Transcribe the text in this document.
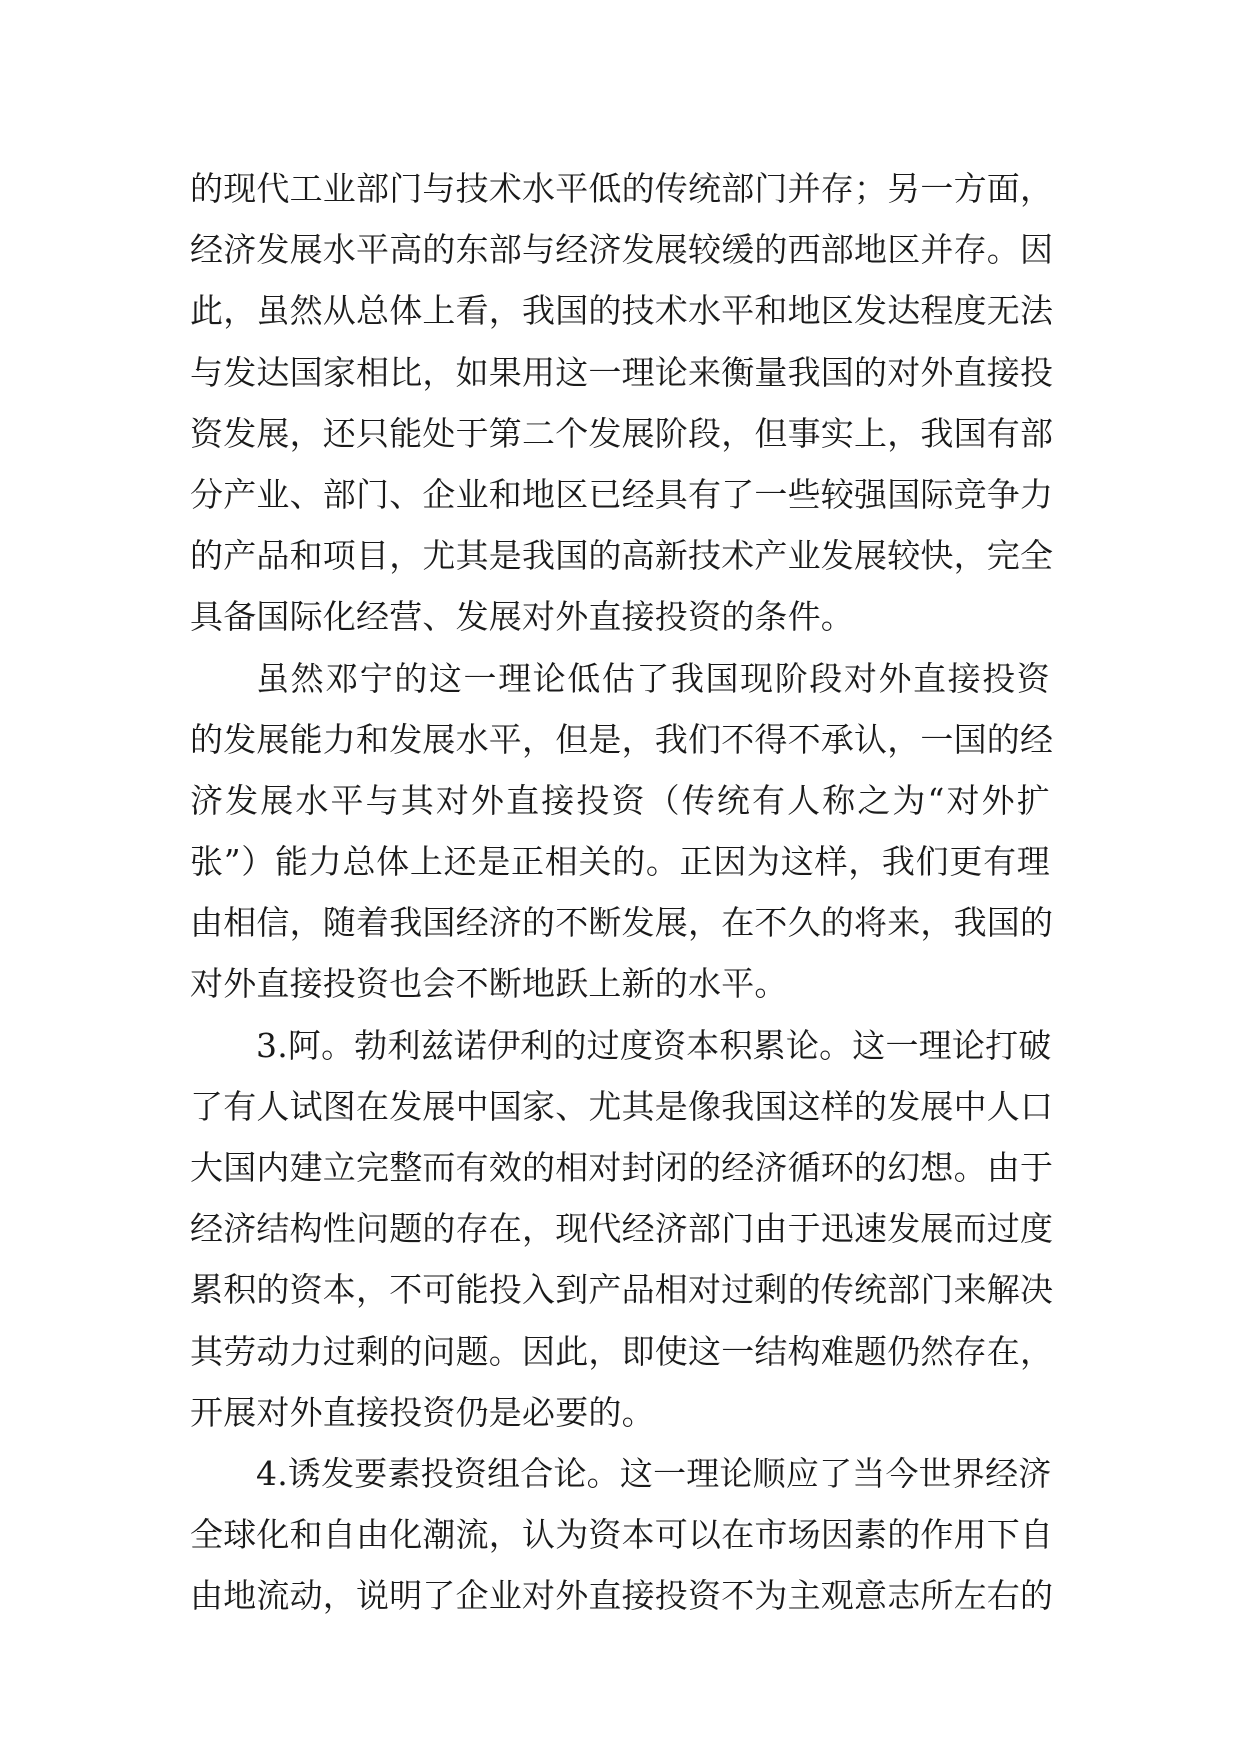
的现代工业部门与技术水平低的传统部门并存；另一方面，
经济发展水平高的东部与经济发展较缓的西部地区并存。因
此，虽然从总体上看，我国的技术水平和地区发达程度无法
与发达国家相比，如果用这一理论来衡量我国的对外直接投
资发展，还只能处于第二个发展阶段，但事实上，我国有部
分产业、部门、企业和地区已经具有了一些较强国际竞争力
的产品和项目，尤其是我国的高新技术产业发展较快，完全
具备国际化经营、发展对外直接投资的条件。
虽然邓宁的这一理论低估了我国现阶段对外直接投资
的发展能力和发展水平，但是，我们不得不承认，一国的经
济发展水平与其对外直接投资（传统有人称之为“对外扩
张”）能力总体上还是正相关的。正因为这样，我们更有理
由相信，随着我国经济的不断发展，在不久的将来，我国的
对外直接投资也会不断地跃上新的水平。
3.阿。勃利兹诺伊利的过度资本积累论。这一理论打破
了有人试图在发展中国家、尤其是像我国这样的发展中人口
大国内建立完整而有效的相对封闭的经济循环的幻想。由于
经济结构性问题的存在，现代经济部门由于迅速发展而过度
累积的资本，不可能投入到产品相对过剩的传统部门来解决
其劳动力过剩的问题。因此，即使这一结构难题仍然存在，
开展对外直接投资仍是必要的。
4.诱发要素投资组合论。这一理论顺应了当今世界经济
全球化和自由化潮流，认为资本可以在市场因素的作用下自
由地流动，说明了企业对外直接投资不为主观意志所左右的
